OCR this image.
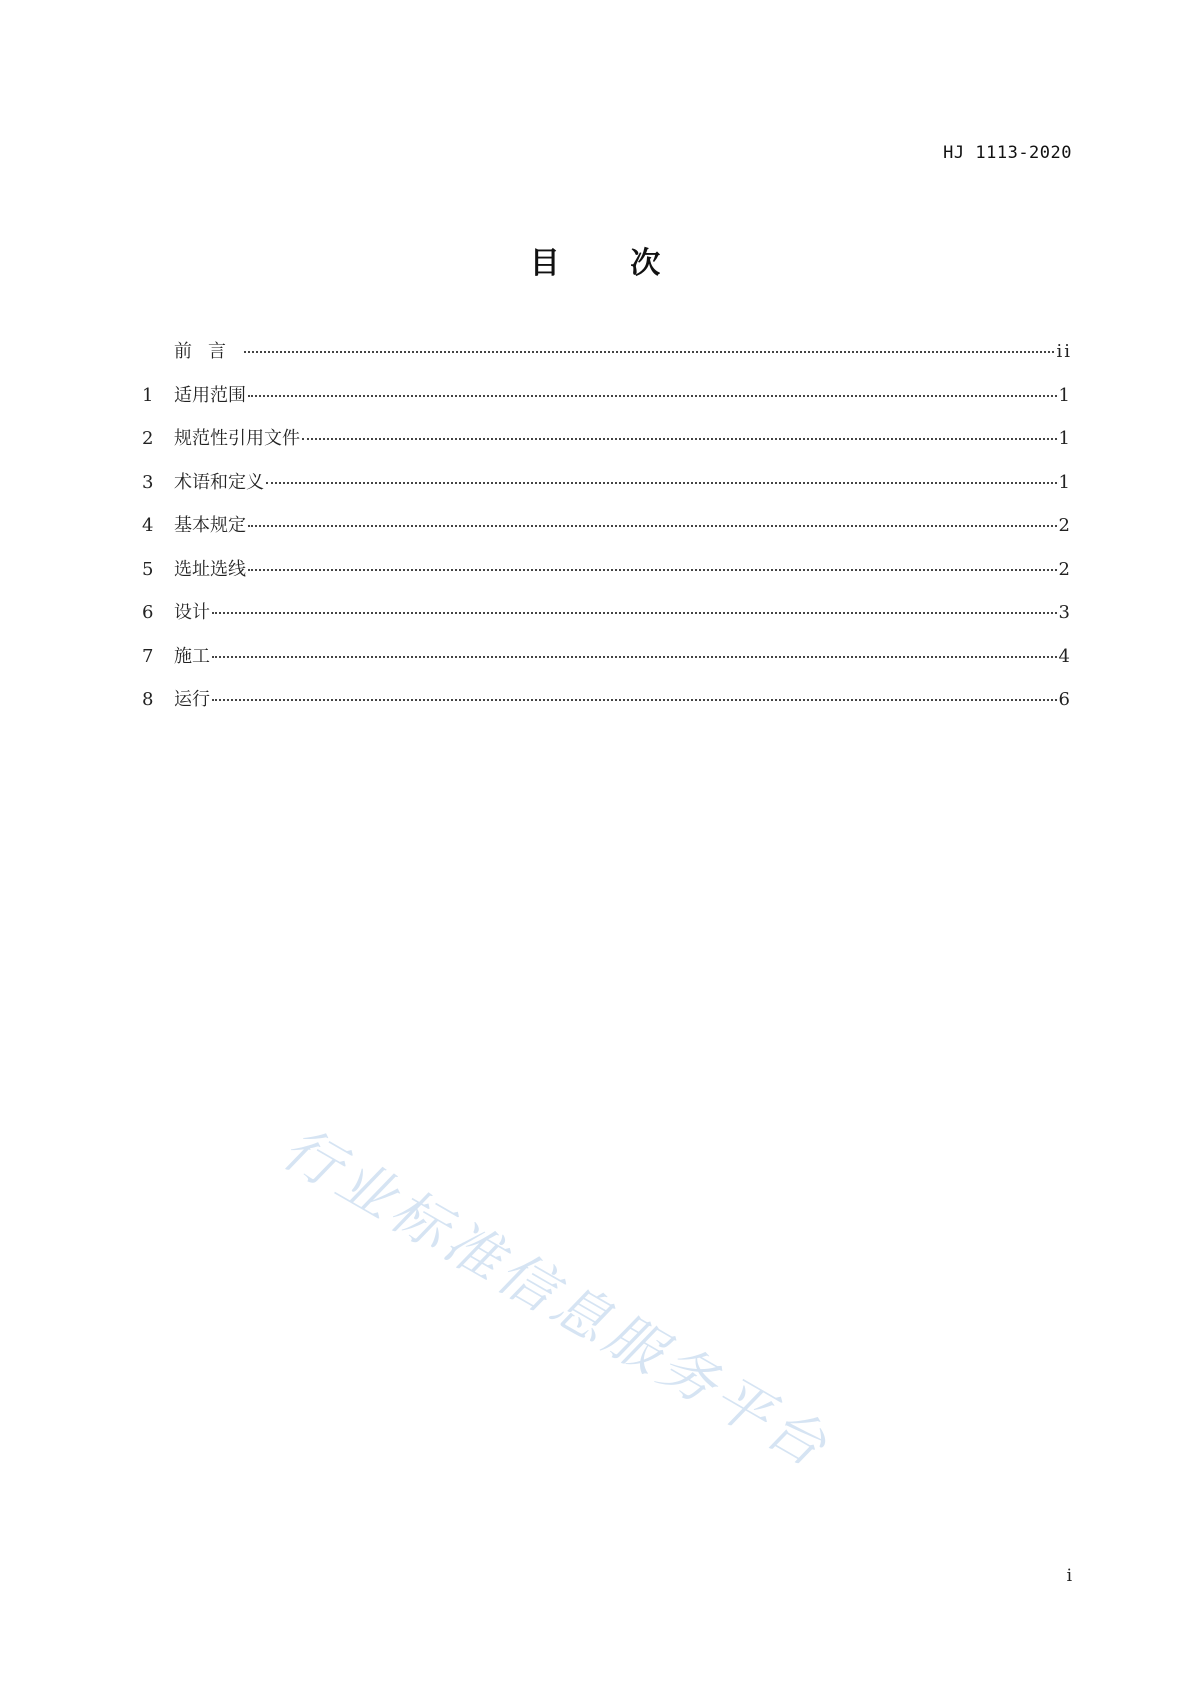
HJ 1113-2020
目 次
前言	ii
1	适用范围	1
2	规范性引用文件	1
3	术语和定义	1
4	基本规定	2
5	选址选线	2
6	设计	3
7	施工	4
8	运行	6
行业标准信息服务平台
i
